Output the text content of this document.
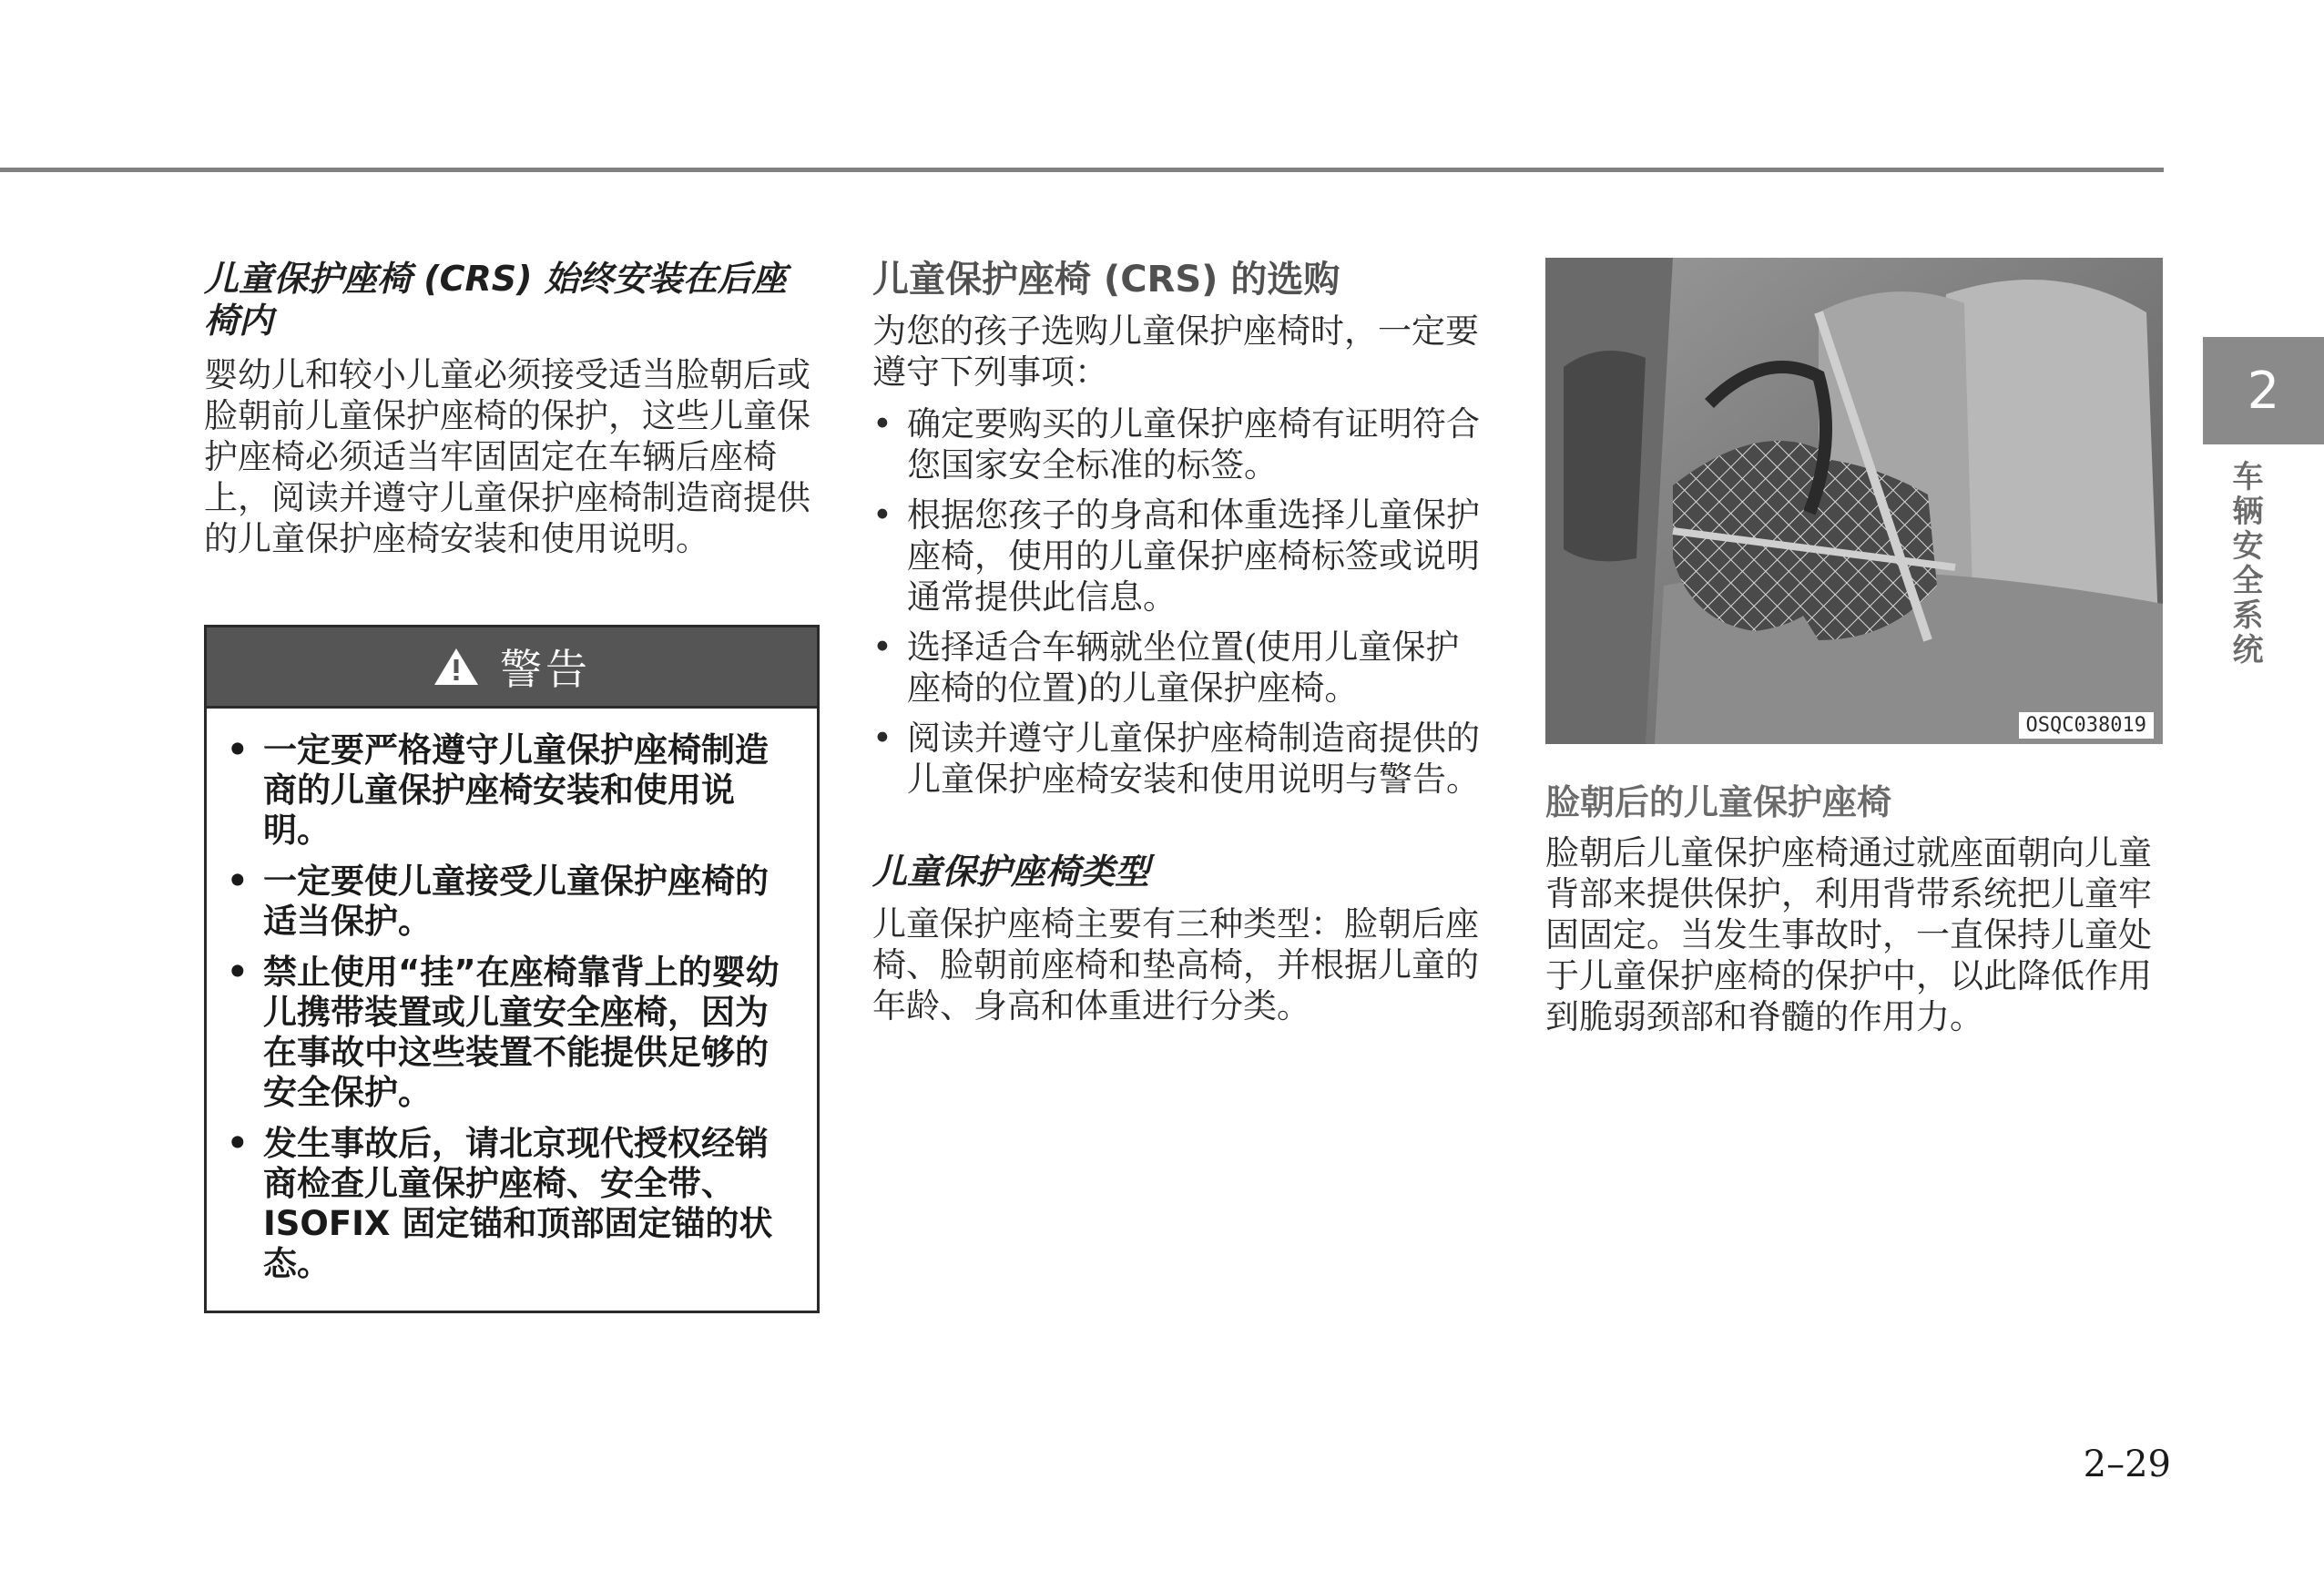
儿童保护座椅 (CRS) 始终安装在后座椅内

婴幼儿和较小儿童必须接受适当脸朝后或脸朝前儿童保护座椅的保护，这些儿童保护座椅必须适当牢固固定在车辆后座椅上，阅读并遵守儿童保护座椅制造商提供的儿童保护座椅安装和使用说明。

警告
• 一定要严格遵守儿童保护座椅制造商的儿童保护座椅安装和使用说明。
• 一定要使儿童接受儿童保护座椅的适当保护。
• 禁止使用“挂”在座椅靠背上的婴幼儿携带装置或儿童安全座椅，因为在事故中这些装置不能提供足够的安全保护。
• 发生事故后，请北京现代授权经销商检查儿童保护座椅、安全带、ISOFIX 固定锚和顶部固定锚的状态。
儿童保护座椅 (CRS) 的选购

为您的孩子选购儿童保护座椅时，一定要遵守下列事项：

• 确定要购买的儿童保护座椅有证明符合您国家安全标准的标签。
• 根据您孩子的身高和体重选择儿童保护座椅，使用的儿童保护座椅标签或说明通常提供此信息。
• 选择适合车辆就坐位置(使用儿童保护座椅的位置)的儿童保护座椅。
• 阅读并遵守儿童保护座椅制造商提供的儿童保护座椅安装和使用说明与警告。
儿童保护座椅类型

儿童保护座椅主要有三种类型：脸朝后座椅、脸朝前座椅和垫高椅，并根据儿童的年龄、身高和体重进行分类。

OSQC038019
脸朝后的儿童保护座椅

脸朝后儿童保护座椅通过就座面朝向儿童背部来提供保护，利用背带系统把儿童牢固固定。当发生事故时，一直保持儿童处于儿童保护座椅的保护中，以此降低作用到脆弱颈部和脊髓的作用力。

2
车辆安全系统
2–29
